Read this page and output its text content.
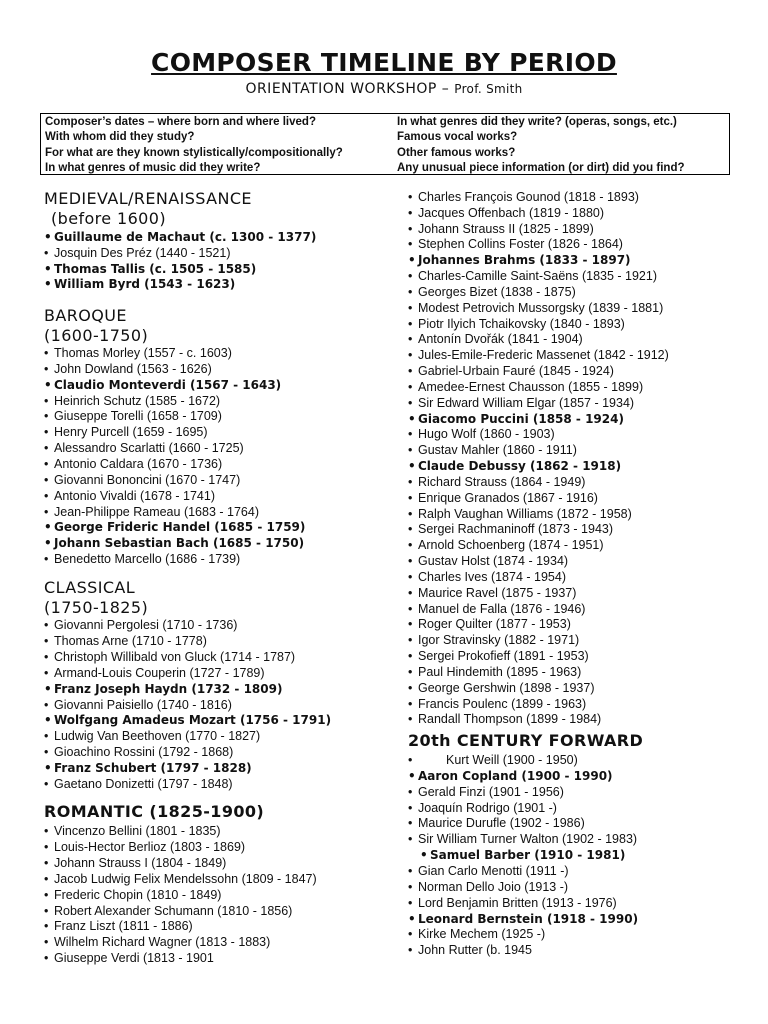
COMPOSER TIMELINE BY PERIOD
ORIENTATION WORKSHOP – Prof. Smith
Composer’s dates – where born and where lived?
With whom did they study?
For what are they known stylistically/compositionally?
In what genres of music did they write?
In what genres did they write? (operas, songs, etc.)
Famous vocal works?
Other famous works?
Any unusual piece information (or dirt) did you find?
MEDIEVAL/RENAISSANCE
(before 1600)
• Guillaume de Machaut (c. 1300 - 1377)
• Josquin Des Préz (1440 - 1521)
• Thomas Tallis (c. 1505 - 1585)
• William Byrd (1543 - 1623)
BAROQUE
(1600-1750)
• Thomas Morley (1557 - c. 1603)
• John Dowland (1563 - 1626)
• Claudio Monteverdi (1567 - 1643)
• Heinrich Schutz (1585 - 1672)
• Giuseppe Torelli (1658 - 1709)
• Henry Purcell (1659 - 1695)
• Alessandro Scarlatti (1660 - 1725)
• Antonio Caldara (1670 - 1736)
• Giovanni Bononcini (1670 - 1747)
• Antonio Vivaldi (1678 - 1741)
• Jean-Philippe Rameau (1683 - 1764)
• George Frideric Handel (1685 - 1759)
• Johann Sebastian Bach (1685 - 1750)
• Benedetto Marcello (1686 - 1739)
CLASSICAL
(1750-1825)
• Giovanni Pergolesi (1710 - 1736)
• Thomas Arne (1710 - 1778)
• Christoph Willibald von Gluck (1714 - 1787)
• Armand-Louis Couperin (1727 - 1789)
• Franz Joseph Haydn (1732 - 1809)
• Giovanni Paisiello (1740 - 1816)
• Wolfgang Amadeus Mozart (1756 - 1791)
• Ludwig Van Beethoven (1770 - 1827)
• Gioachino Rossini (1792 - 1868)
• Franz Schubert (1797 - 1828)
• Gaetano Donizetti (1797 - 1848)
ROMANTIC (1825-1900)
• Vincenzo Bellini (1801 - 1835)
• Louis-Hector Berlioz (1803 - 1869)
• Johann Strauss I (1804 - 1849)
• Jacob Ludwig Felix Mendelssohn (1809 - 1847)
• Frederic Chopin (1810 - 1849)
• Robert Alexander Schumann (1810 - 1856)
• Franz Liszt (1811 - 1886)
• Wilhelm Richard Wagner (1813 - 1883)
• Giuseppe Verdi (1813 - 1901
• Charles François Gounod (1818 - 1893)
• Jacques Offenbach (1819 - 1880)
• Johann Strauss II (1825 - 1899)
• Stephen Collins Foster (1826 - 1864)
• Johannes Brahms (1833 - 1897)
• Charles-Camille Saint-Saëns (1835 - 1921)
• Georges Bizet (1838 - 1875)
• Modest Petrovich Mussorgsky (1839 - 1881)
• Piotr Ilyich Tchaikovsky (1840 - 1893)
• Antonín Dvořák (1841 - 1904)
• Jules-Emile-Frederic Massenet (1842 - 1912)
• Gabriel-Urbain Fauré (1845 - 1924)
• Amedee-Ernest Chausson (1855 - 1899)
• Sir Edward William Elgar (1857 - 1934)
• Giacomo Puccini (1858 - 1924)
• Hugo Wolf (1860 - 1903)
• Gustav Mahler (1860 - 1911)
• Claude Debussy (1862 - 1918)
• Richard Strauss (1864 - 1949)
• Enrique Granados (1867 - 1916)
• Ralph Vaughan Williams (1872 - 1958)
• Sergei Rachmaninoff (1873 - 1943)
• Arnold Schoenberg (1874 - 1951)
• Gustav Holst (1874 - 1934)
• Charles Ives (1874 - 1954)
• Maurice Ravel (1875 - 1937)
• Manuel de Falla (1876 - 1946)
• Roger Quilter (1877 - 1953)
• Igor Stravinsky (1882 - 1971)
• Sergei Prokofieff (1891 - 1953)
• Paul Hindemith (1895 - 1963)
• George Gershwin (1898 - 1937)
• Francis Poulenc (1899 - 1963)
• Randall Thompson (1899 - 1984)
20th CENTURY FORWARD
•	Kurt Weill (1900 - 1950)
• Aaron Copland (1900 - 1990)
• Gerald Finzi (1901 - 1956)
• Joaquín Rodrigo (1901 -)
• Maurice Durufle (1902 - 1986)
• Sir William Turner Walton (1902 - 1983)
• Samuel Barber (1910 - 1981)
• Gian Carlo Menotti (1911 -)
• Norman Dello Joio (1913 -)
• Lord Benjamin Britten (1913 - 1976)
• Leonard Bernstein (1918 - 1990)
• Kirke Mechem (1925 -)
• John Rutter (b. 1945
